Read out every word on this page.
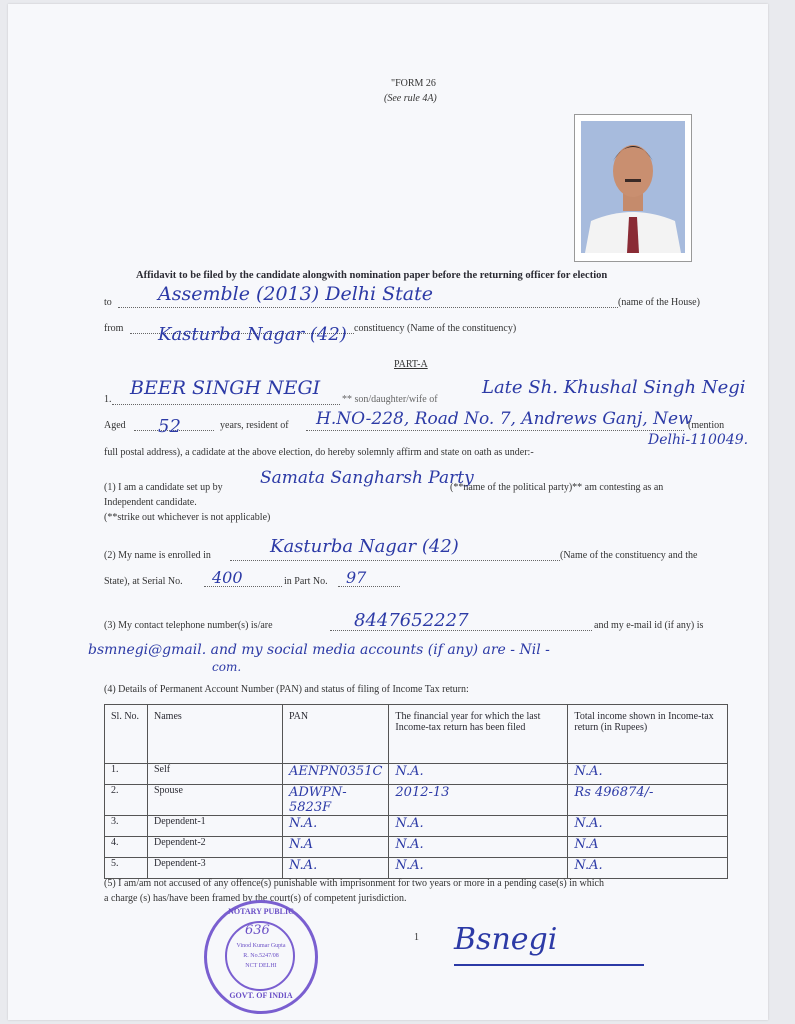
"FORM 26
(See rule 4A)
Affidavit to be filed by the candidate alongwith nomination paper before the returning officer for election
to Assemble (2013) Delhi State	(name of the House)
from Kasturba Nagar (42) constituency (Name of the constituency)
PART-A
1.
BEER SINGH NEGI
** son/daughter/wife of
Late Sh. Khushal Singh Negi
Aged 52	years, resident of H.NO-228, Road No. 7, Andrews Ganj, New
(mention
Delhi-110049.
full postal address), a cadidate at the above election, do hereby solemnly affirm and state on oath as under:-
(1) I am a candidate set up by Samata Sangharsh Party
(**name of the political party)** am contesting as an
Independent candidate.
(**strike out whichever is not applicable)
(2) My name is enrolled in	Kasturba Nagar (42)	(Name of the constituency and the
State), at Serial No. 400	in Part No. 97
(3) My contact telephone number(s) is/are	8447652227	and my e-mail id (if any) is
bsmnegi@gmail. and my social media accounts (if any) are - Nil -
com.
(4) Details of Permanent Account Number (PAN) and status of filing of Income Tax return:
Sl. No.	Names	PAN	The financial year for which the last Income-tax return has been filed	Total income shown in Income-tax return (in Rupees)
1.	Self	AENPN0351C	N.A.	N.A.
2.	Spouse	ADWPN-5823F	2012-13	Rs 496874/-
3.	Dependent-1	N.A.	N.A.	N.A.
4.	Dependent-2	N.A	N.A.	N.A
5.	Dependent-3	N.A.	N.A.	N.A.
(5) I am/am not accused of any offence(s) punishable with imprisonment for two years or more in a pending case(s) in which
a charge (s) has/have been framed by the court(s) of competent jurisdiction.
1 Bsnegi
NOTARY PUBLIC
636
Vinod Kumar Gupta
R. No.5247/08
NCT DELHI
GOVT. OF INDIA
